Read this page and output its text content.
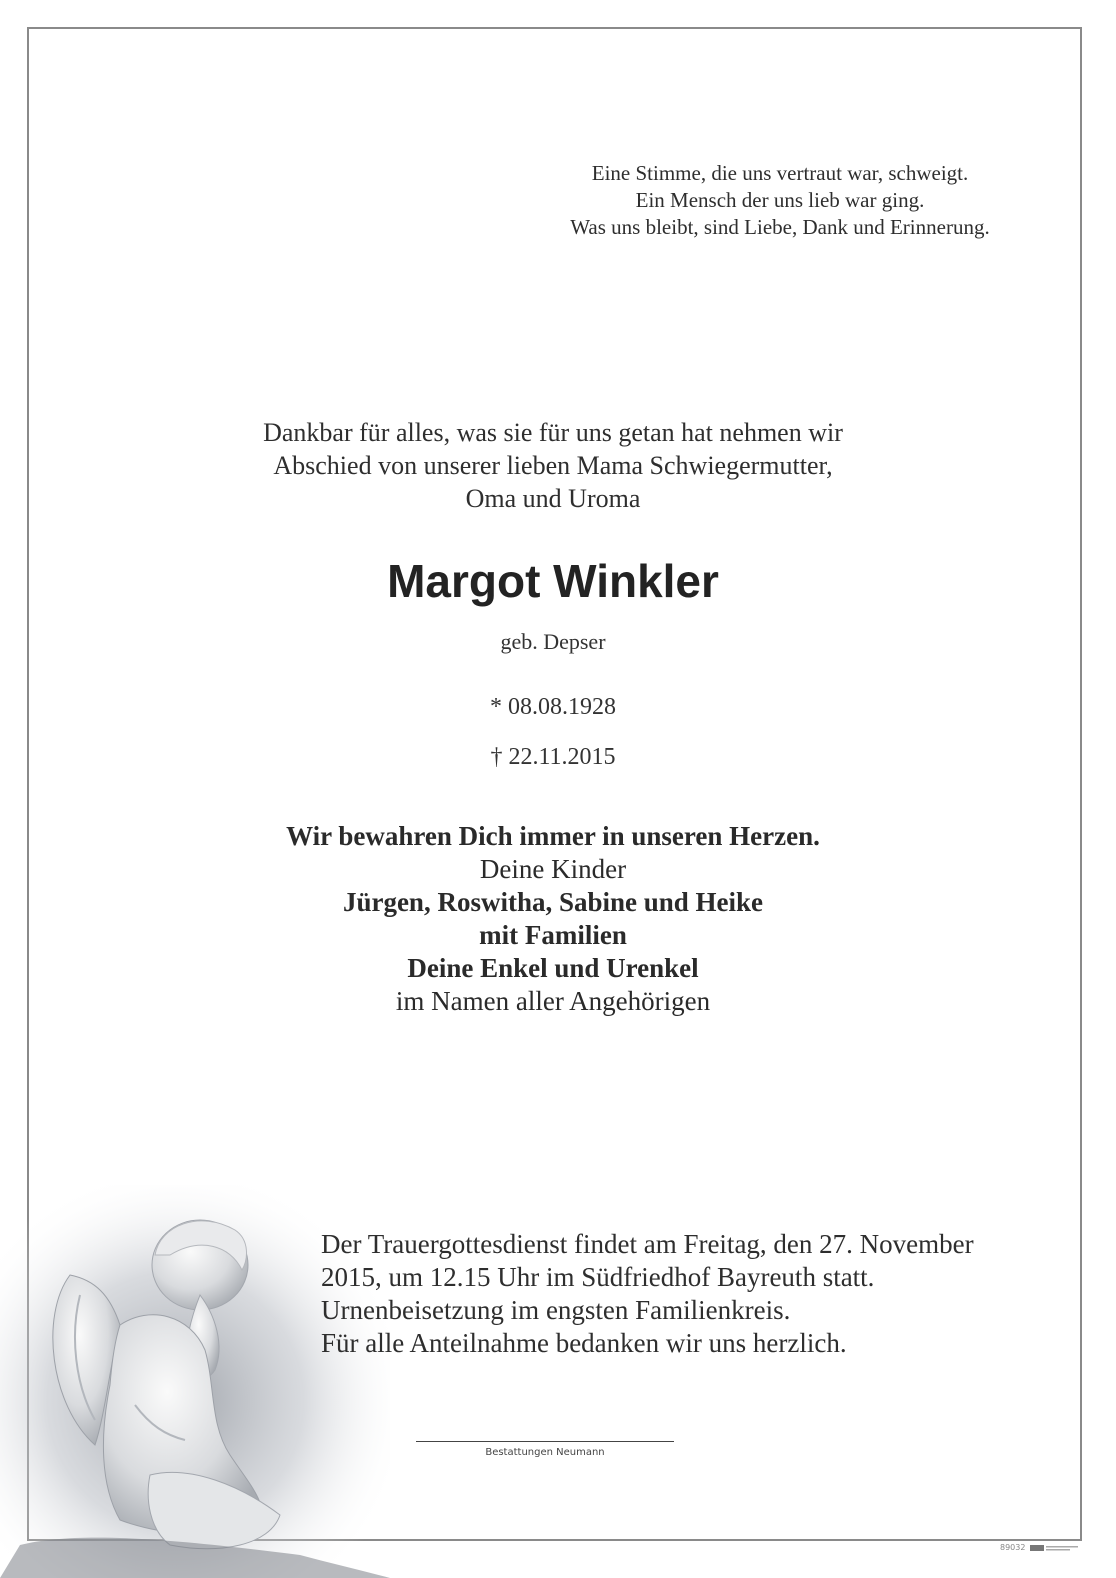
Eine Stimme, die uns vertraut war, schweigt.
Ein Mensch der uns lieb war ging.
Was uns bleibt, sind Liebe, Dank und Erinnerung.
Dankbar für alles, was sie für uns getan hat nehmen wir
Abschied von unserer lieben Mama Schwiegermutter,
Oma und Uroma
Margot Winkler
geb. Depser
* 08.08.1928
† 22.11.2015
Wir bewahren Dich immer in unseren Herzen.
Deine Kinder
Jürgen, Roswitha, Sabine und Heike
mit Familien
Deine Enkel und Urenkel
im Namen aller Angehörigen
Der Trauergottesdienst findet am Freitag, den 27. November
2015, um 12.15 Uhr im Südfriedhof Bayreuth statt.
Urnenbeisetzung im engsten Familienkreis.
Für alle Anteilnahme bedanken wir uns herzlich.
Bestattungen Neumann
89032
